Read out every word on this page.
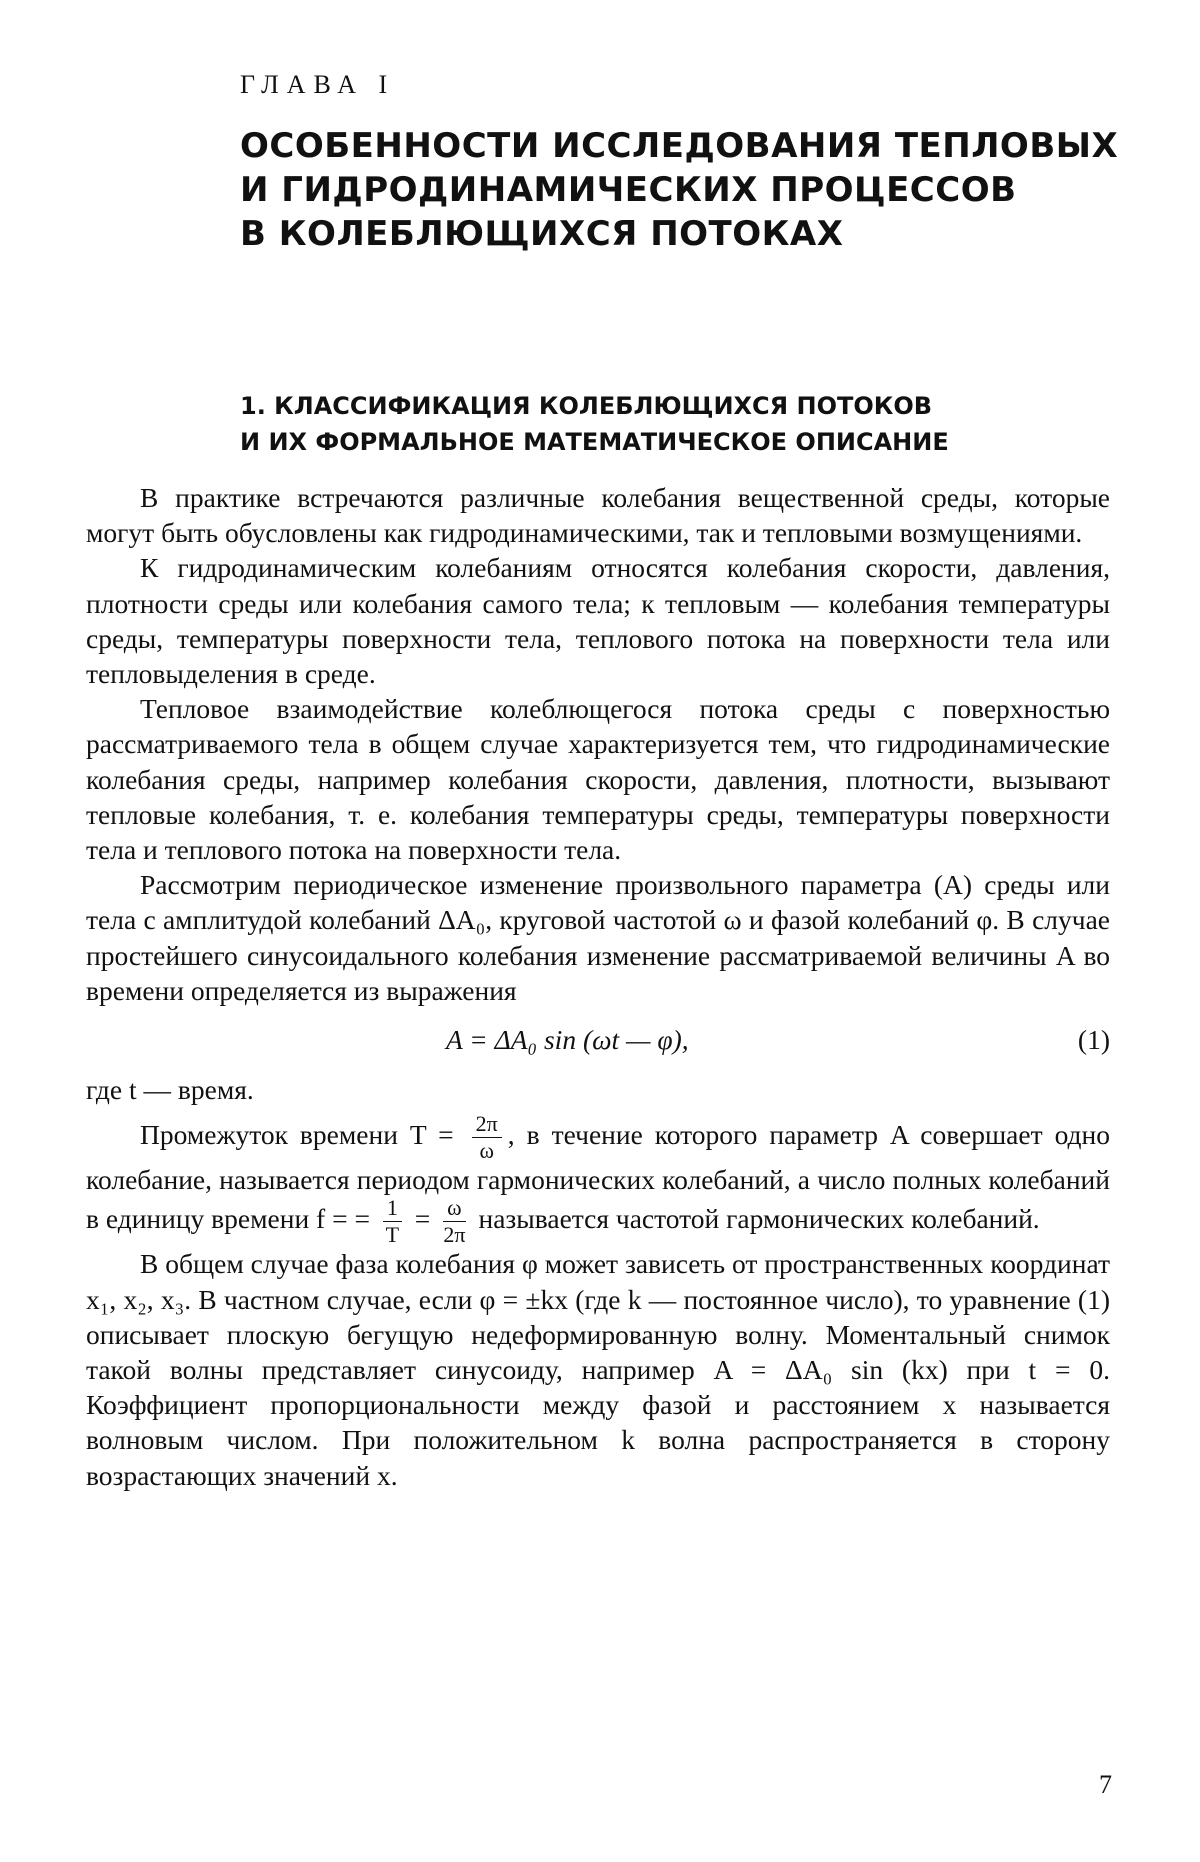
ГЛАВА I
ОСОБЕННОСТИ ИССЛЕДОВАНИЯ ТЕПЛОВЫХ
И ГИДРОДИНАМИЧЕСКИХ ПРОЦЕССОВ
В КОЛЕБЛЮЩИХСЯ ПОТОКАХ
1. КЛАССИФИКАЦИЯ КОЛЕБЛЮЩИХСЯ ПОТОКОВ
И ИХ ФОРМАЛЬНОЕ МАТЕМАТИЧЕСКОЕ ОПИСАНИЕ

В практике встречаются различные колебания вещественной среды, которые могут быть обусловлены как гидродинамическими, так и тепловыми возмущениями.

К гидродинамическим колебаниям относятся колебания скорости, давления, плотности среды или колебания самого тела; к тепловым — колебания температуры среды, температуры поверхности тела, теплового потока на поверхности тела или тепловыделения в среде.

Тепловое взаимодействие колеблющегося потока среды с поверхностью рассматриваемого тела в общем случае характеризуется тем, что гидродинамические колебания среды, например колебания скорости, давления, плотности, вызывают тепловые колебания, т. е. колебания температуры среды, температуры поверхности тела и теплового потока на поверхности тела.

Рассмотрим периодическое изменение произвольного параметра (A) среды или тела с амплитудой колебаний ΔA₀, круговой частотой ω и фазой колебаний φ. В случае простейшего синусоидального колебания изменение рассматриваемой величины A во времени определяется из выражения

A = ΔA₀ sin (ωt — φ),	(1)

где t — время.

Промежуток времени $T = \frac{2\pi}{\omega}$ , в течение которого параметр A совершает одно колебание, называется периодом гармонических колебаний, а число полных колебаний в единицу времени f = = $\frac{1}{T} = \frac{\omega}{2\pi}$ называется частотой гармонических колебаний.

В общем случае фаза колебания φ может зависеть от пространственных координат x₁, x₂, x₃. В частном случае, если φ = ±kx (где k — постоянное число), то уравнение (1) описывает плоскую бегущую недеформированную волну. Моментальный снимок такой волны представляет синусоиду, например A = ΔA₀ sin (kx) при t = 0. Коэффициент пропорциональности между фазой и расстоянием x называется волновым числом. При положительном k волна распространяется в сторону возрастающих значений x.

7
